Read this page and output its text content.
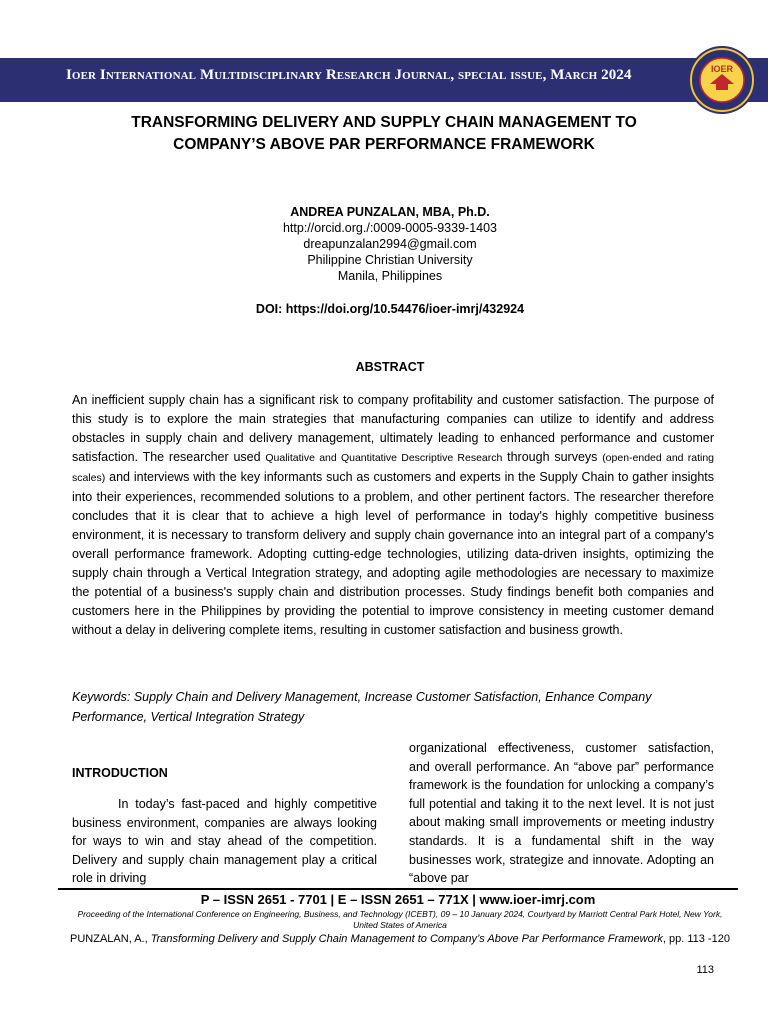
Ioer International Multidisciplinary Research Journal, special issue, March 2024	IOER
TRANSFORMING DELIVERY AND SUPPLY CHAIN MANAGEMENT TO
COMPANY’S ABOVE PAR PERFORMANCE FRAMEWORK
ANDREA PUNZALAN, MBA, Ph.D.
http://orcid.org./:0009-0005-9339-1403
dreapunzalan2994@gmail.com
Philippine Christian University
Manila, Philippines
DOI: https://doi.org/10.54476/ioer-imrj/432924
ABSTRACT
An inefficient supply chain has a significant risk to company profitability and customer satisfaction. The purpose of this study is to explore the main strategies that manufacturing companies can utilize to identify and address obstacles in supply chain and delivery management, ultimately leading to enhanced performance and customer satisfaction. The researcher used Qualitative and Quantitative Descriptive Research through surveys (open-ended and rating scales) and interviews with the key informants such as customers and experts in the Supply Chain to gather insights into their experiences, recommended solutions to a problem, and other pertinent factors. The researcher therefore concludes that it is clear that to achieve a high level of performance in today's highly competitive business environment, it is necessary to transform delivery and supply chain governance into an integral part of a company's overall performance framework. Adopting cutting-edge technologies, utilizing data-driven insights, optimizing the supply chain through a Vertical Integration strategy, and adopting agile methodologies are necessary to maximize the potential of a business's supply chain and distribution processes. Study findings benefit both companies and customers here in the Philippines by providing the potential to improve consistency in meeting customer demand without a delay in delivering complete items, resulting in customer satisfaction and business growth.
Keywords: Supply Chain and Delivery Management, Increase Customer Satisfaction, Enhance Company Performance, Vertical Integration Strategy
INTRODUCTION
In today’s fast-paced and highly competitive business environment, companies are always looking for ways to win and stay ahead of the competition. Delivery and supply chain management play a critical role in driving
organizational effectiveness, customer satisfaction, and overall performance. An “above par” performance framework is the foundation for unlocking a company’s full potential and taking it to the next level. It is not just about making small improvements or meeting industry standards. It is a fundamental shift in the way businesses work, strategize and innovate. Adopting an “above par
P – ISSN 2651 - 7701 | E – ISSN 2651 – 771X | www.ioer-imrj.com
Proceeding of the International Conference on Engineering, Business, and Technology (ICEBT), 09 – 10 January 2024, Courtyard by Marriott Central Park Hotel, New York, United States of America
PUNZALAN, A., Transforming Delivery and Supply Chain Management to Company’s Above Par Performance Framework, pp. 113 -120
113
